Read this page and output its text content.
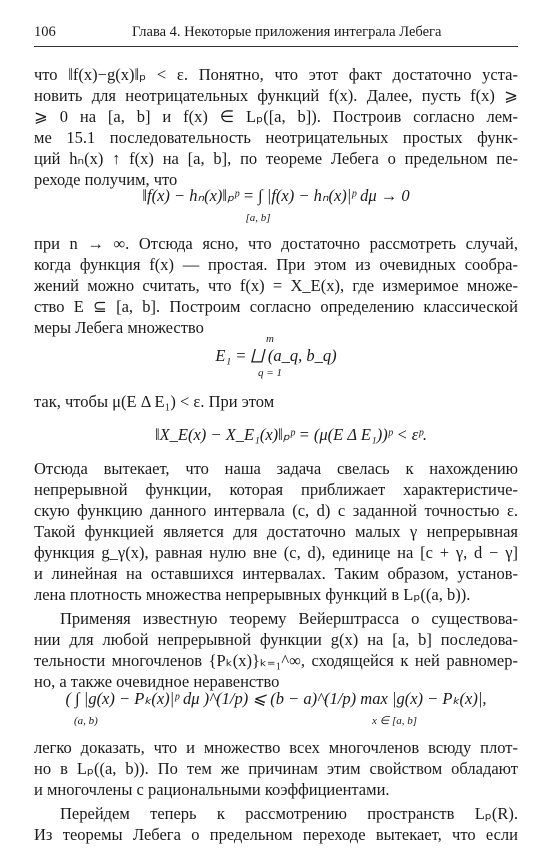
106	Глава 4. Некоторые приложения интеграла Лебега
что ‖f(x)−g(x)‖ₚ < ε. Понятно, что этот факт достаточно уста-
новить для неотрицательных функций f(x). Далее, пусть f(x) ⩾
⩾ 0 на [a, b] и f(x) ∈ Lₚ([a, b]). Построив согласно лем-
ме 15.1 последовательность неотрицательных простых функ-
ций hₙ(x) ↑ f(x) на [a, b], по теореме Лебега о предельном пе-
реходе получим, что
‖f(x) − hₙ(x)‖ₚᵖ = ∫ |f(x) − hₙ(x)|ᵖ dμ → 0
[a, b]
при n → ∞. Отсюда ясно, что достаточно рассмотреть случай,
когда функция f(x) — простая. При этом из очевидных сообра-
жений можно считать, что f(x) = X_E(x), где измеримое множе-
ство E ⊆ [a, b]. Построим согласно определению классической
меры Лебега множество
m
E₁ = ⨆ (a_q, b_q)
q = 1
так, чтобы μ(E Δ E₁) < ε. При этом
‖X_E(x) − X_E₁(x)‖ₚᵖ = (μ(E Δ E₁))ᵖ < εᵖ.
Отсюда вытекает, что наша задача свелась к нахождению
непрерывной функции, которая приближает характеристиче-
скую функцию данного интервала (c, d) с заданной точностью ε.
Такой функцией является для достаточно малых γ непрерывная
функция g_γ(x), равная нулю вне (c, d), единице на [c + γ, d − γ]
и линейная на оставшихся интервалах. Таким образом, установ-
лена плотность множества непрерывных функций в Lₚ((a, b)).
Применяя известную теорему Вейерштрасса о существова-
нии для любой непрерывной функции g(x) на [a, b] последова-
тельности многочленов {Pₖ(x)}ₖ₌₁^∞, сходящейся к ней равномер-
но, а также очевидное неравенство
( ∫ |g(x) − Pₖ(x)|ᵖ dμ )^(1/p) ⩽ (b − a)^(1/p) max |g(x) − Pₖ(x)|,
(a, b)	x ∈ [a, b]
легко доказать, что и множество всех многочленов всюду плот-
но в Lₚ((a, b)). По тем же причинам этим свойством обладают
и многочлены с рациональными коэффициентами.
Перейдем теперь к рассмотрению пространств Lₚ(R).
Из теоремы Лебега о предельном переходе вытекает, что если
